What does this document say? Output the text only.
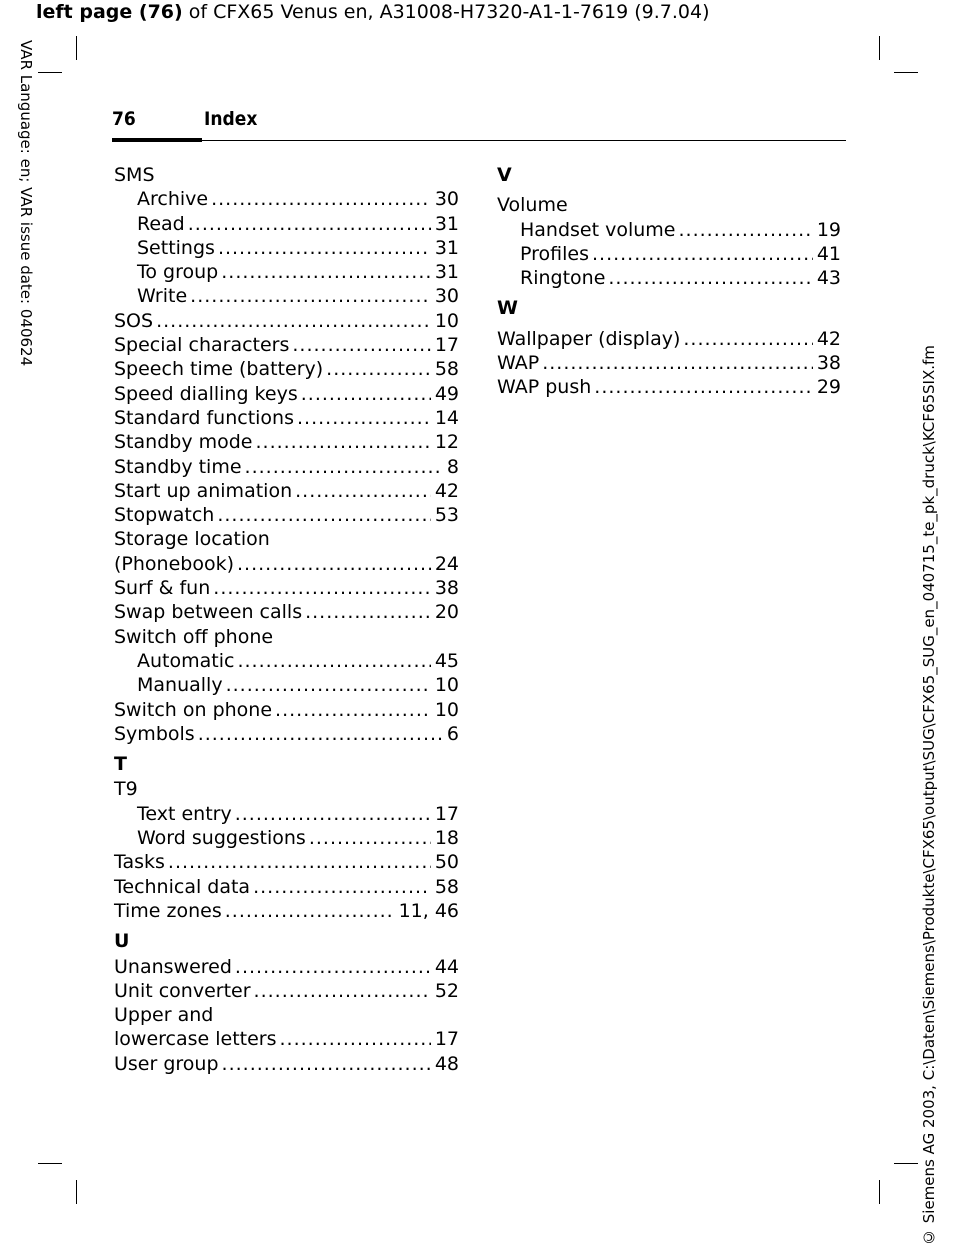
left page (76) of CFX65 Venus en, A31008-H7320-A1-1-7619 (9.7.04)
VAR Language: en; VAR issue date: 040624
© Siemens AG 2003, C:\Daten\Siemens\Produkte\CFX65\output\SUG\CFX65_SUG_en_040715_te_pk_druck\KCF65SIX.fm
76	Index
SMS
Archive .....	30
Read .....	31
Settings .....	31
To group .....	31
Write .....	30
SOS .....	10
Special characters .....	17
Speech time (battery) .....	58
Speed dialling keys .....	49
Standard functions .....	14
Standby mode .....	12
Standby time .....	8
Start up animation .....	42
Stopwatch .....	53
Storage location
(Phonebook) .....	24
Surf & fun .....	38
Swap between calls .....	20
Switch off phone
Automatic .....	45
Manually .....	10
Switch on phone .....	10
Symbols .....	6
T
T9
Text entry .....	17
Word suggestions .....	18
Tasks .....	50
Technical data .....	58
Time zones .....	11, 46
U
Unanswered .....	44
Unit converter .....	52
Upper and
lowercase letters .....	17
User group .....	48
V
Volume
Handset volume .....	19
Profiles .....	41
Ringtone .....	43
W
Wallpaper (display) .....	42
WAP .....	38
WAP push .....	29
